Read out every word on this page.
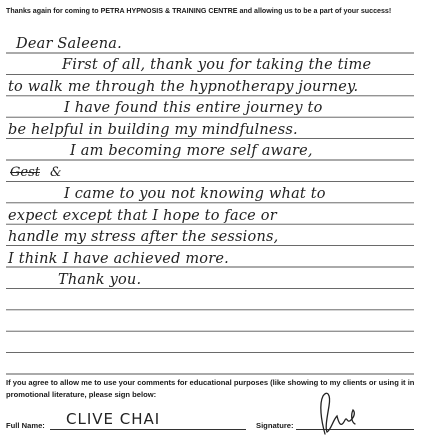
Thanks again for coming to PETRA HYPNOSIS & TRAINING CENTRE and allowing us to be a part of your success!
Dear Saleena.
First of all, thank you for taking the time
to walk me through the hypnotherapy journey.
I have found this entire journey to
be helpful in building my mindfulness.
I am becoming more self aware,
Gest &
I came to you not knowing what to
expect except that I hope to face or
handle my stress after the sessions,
I think I have achieved more.
Thank you.
If you agree to allow me to use your comments for educational purposes (like showing to my clients or using it in promotional literature, please sign below:
Full Name: CLIVE CHAI	Signature:
